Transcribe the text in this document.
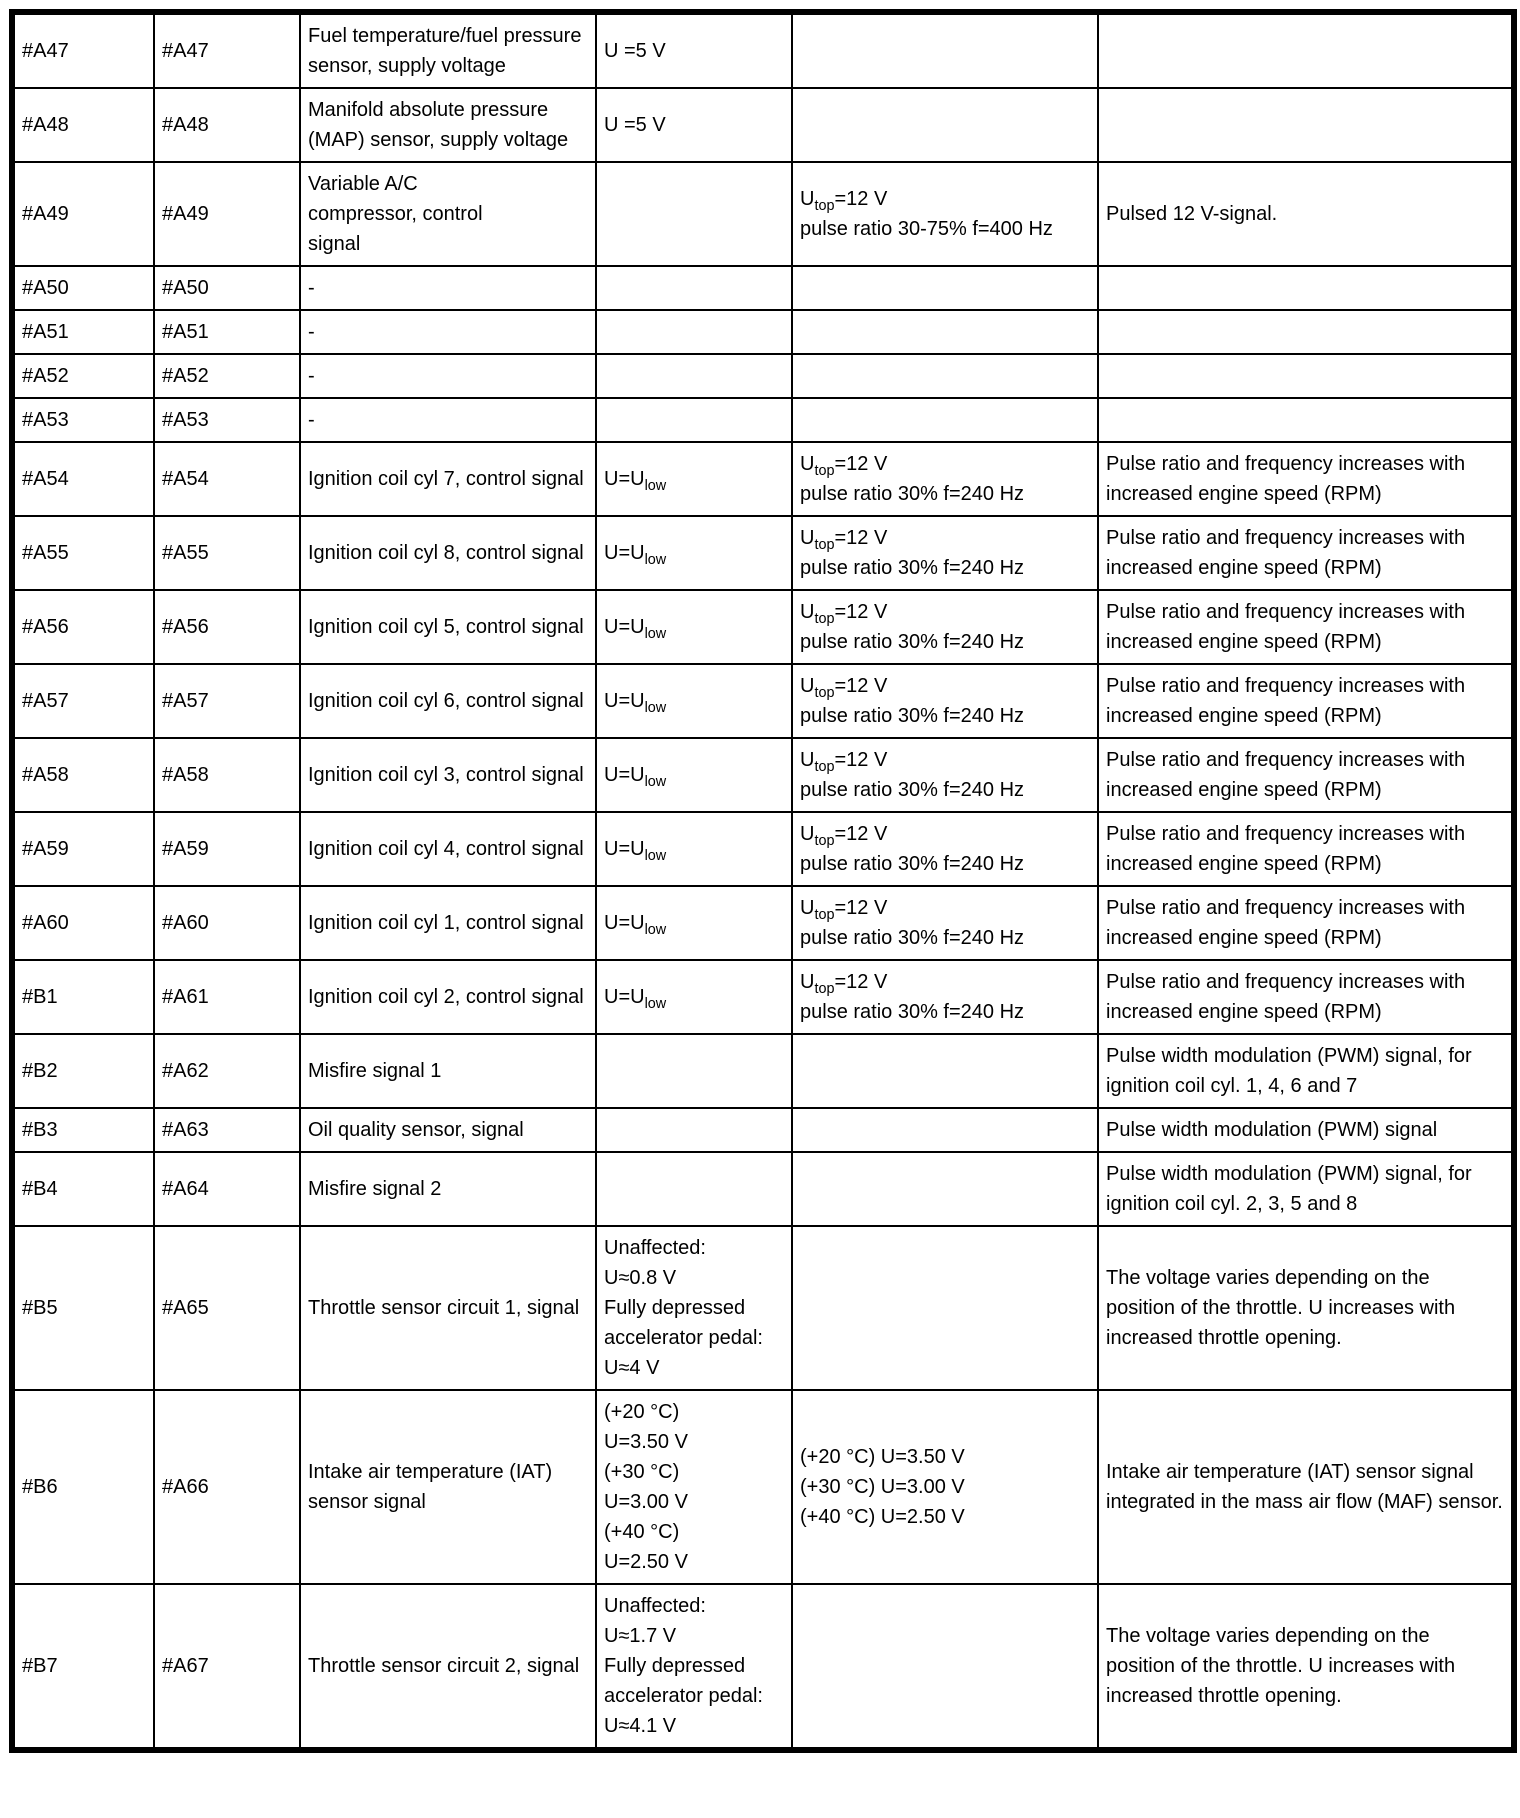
#A47	#A47	Fuel temperature/fuel pressure sensor, supply voltage	U =5 V		
#A48	#A48	Manifold absolute pressure (MAP) sensor, supply voltage	U =5 V		
#A49	#A49	Variable A/C
compressor, control
signal		$U_{top}=12$ V
pulse ratio 30-75% f=400 Hz	Pulsed 12 V-signal.
#A50	#A50	-			
#A51	#A51	-			
#A52	#A52	-			
#A53	#A53	-			
#A54	#A54	Ignition coil cyl 7, control signal	$U=U_{low}$	$U_{top}=12$ V
pulse ratio 30% f=240 Hz	Pulse ratio and frequency increases with increased engine speed (RPM)
#A55	#A55	Ignition coil cyl 8, control signal	$U=U_{low}$	$U_{top}=12$ V
pulse ratio 30% f=240 Hz	Pulse ratio and frequency increases with increased engine speed (RPM)
#A56	#A56	Ignition coil cyl 5, control signal	$U=U_{low}$	$U_{top}=12$ V
pulse ratio 30% f=240 Hz	Pulse ratio and frequency increases with increased engine speed (RPM)
#A57	#A57	Ignition coil cyl 6, control signal	$U=U_{low}$	$U_{top}=12$ V
pulse ratio 30% f=240 Hz	Pulse ratio and frequency increases with increased engine speed (RPM)
#A58	#A58	Ignition coil cyl 3, control signal	$U=U_{low}$	$U_{top}=12$ V
pulse ratio 30% f=240 Hz	Pulse ratio and frequency increases with increased engine speed (RPM)
#A59	#A59	Ignition coil cyl 4, control signal	$U=U_{low}$	$U_{top}=12$ V
pulse ratio 30% f=240 Hz	Pulse ratio and frequency increases with increased engine speed (RPM)
#A60	#A60	Ignition coil cyl 1, control signal	$U=U_{low}$	$U_{top}=12$ V
pulse ratio 30% f=240 Hz	Pulse ratio and frequency increases with increased engine speed (RPM)
#B1	#A61	Ignition coil cyl 2, control signal	$U=U_{low}$	$U_{top}=12$ V
pulse ratio 30% f=240 Hz	Pulse ratio and frequency increases with increased engine speed (RPM)
#B2	#A62	Misfire signal 1			Pulse width modulation (PWM) signal, for ignition coil cyl. 1, 4, 6 and 7
#B3	#A63	Oil quality sensor, signal			Pulse width modulation (PWM) signal
#B4	#A64	Misfire signal 2			Pulse width modulation (PWM) signal, for ignition coil cyl. 2, 3, 5 and 8
#B5	#A65	Throttle sensor circuit 1, signal	Unaffected:
U≈0.8 V
Fully depressed accelerator pedal: U≈4 V		The voltage varies depending on the position of the throttle. U increases with increased throttle opening.
#B6	#A66	Intake air temperature (IAT) sensor signal	(+20 °C)
U=3.50 V
(+30 °C)
U=3.00 V
(+40 °C)
U=2.50 V	(+20 °C) U=3.50 V
(+30 °C) U=3.00 V
(+40 °C) U=2.50 V	Intake air temperature (IAT) sensor signal integrated in the mass air flow (MAF) sensor.
#B7	#A67	Throttle sensor circuit 2, signal	Unaffected:
U≈1.7 V
Fully depressed accelerator pedal: U≈4.1 V		The voltage varies depending on the position of the throttle. U increases with increased throttle opening.
